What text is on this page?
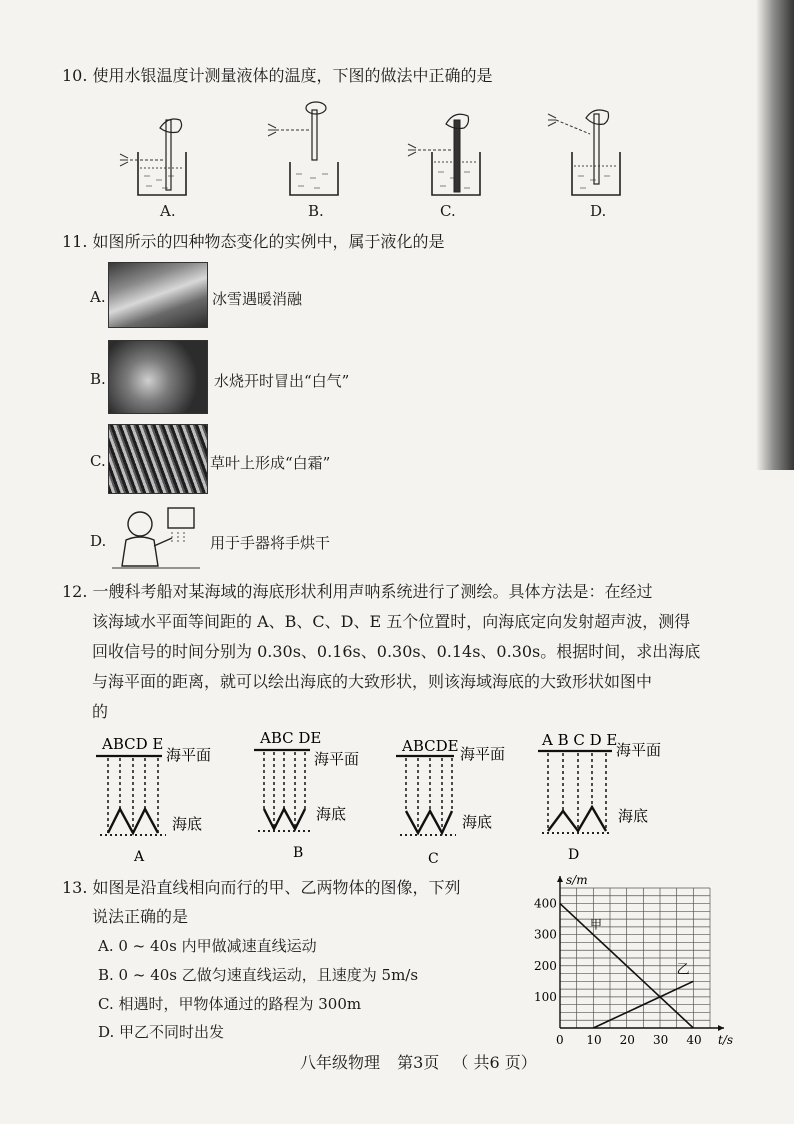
10. 使用水银温度计测量液体的温度，下图的做法中正确的是
A.	B.	C.	D.
11. 如图所示的四种物态变化的实例中，属于液化的是
A.	冰雪遇暖消融
B.	水烧开时冒出“白气”
C.	草叶上形成“白霜”
D.	用于手器将手烘干
12. 一艘科考船对某海域的海底形状利用声呐系统进行了测绘。具体方法是：在经过
该海域水平面等间距的 A、B、C、D、E 五个位置时，向海底定向发射超声波，测得
回收信号的时间分别为 0.30s、0.16s、0.30s、0.14s、0.30s。根据时间，求出海底
与海平面的距离，就可以绘出海底的大致形状，则该海域海底的大致形状如图中
的
ABCD E
海平面
海底
A
ABC DE
海平面
海底
B
ABCDE 海平面
海底
C
A B C D E
海平面
海底
D
13. 如图是沿直线相向而行的甲、乙两物体的图像，下列
说法正确的是
A. 0 ~ 40s 内甲做减速直线运动
B. 0 ~ 40s 乙做匀速直线运动，且速度为 5m/s
C. 相遇时，甲物体通过的路程为 300m
D. 甲乙不同时出发
s/m
t/s
0 10 20 30 40
100
200
300
400
甲
乙
八年级物理 第3页 （ 共6 页）
